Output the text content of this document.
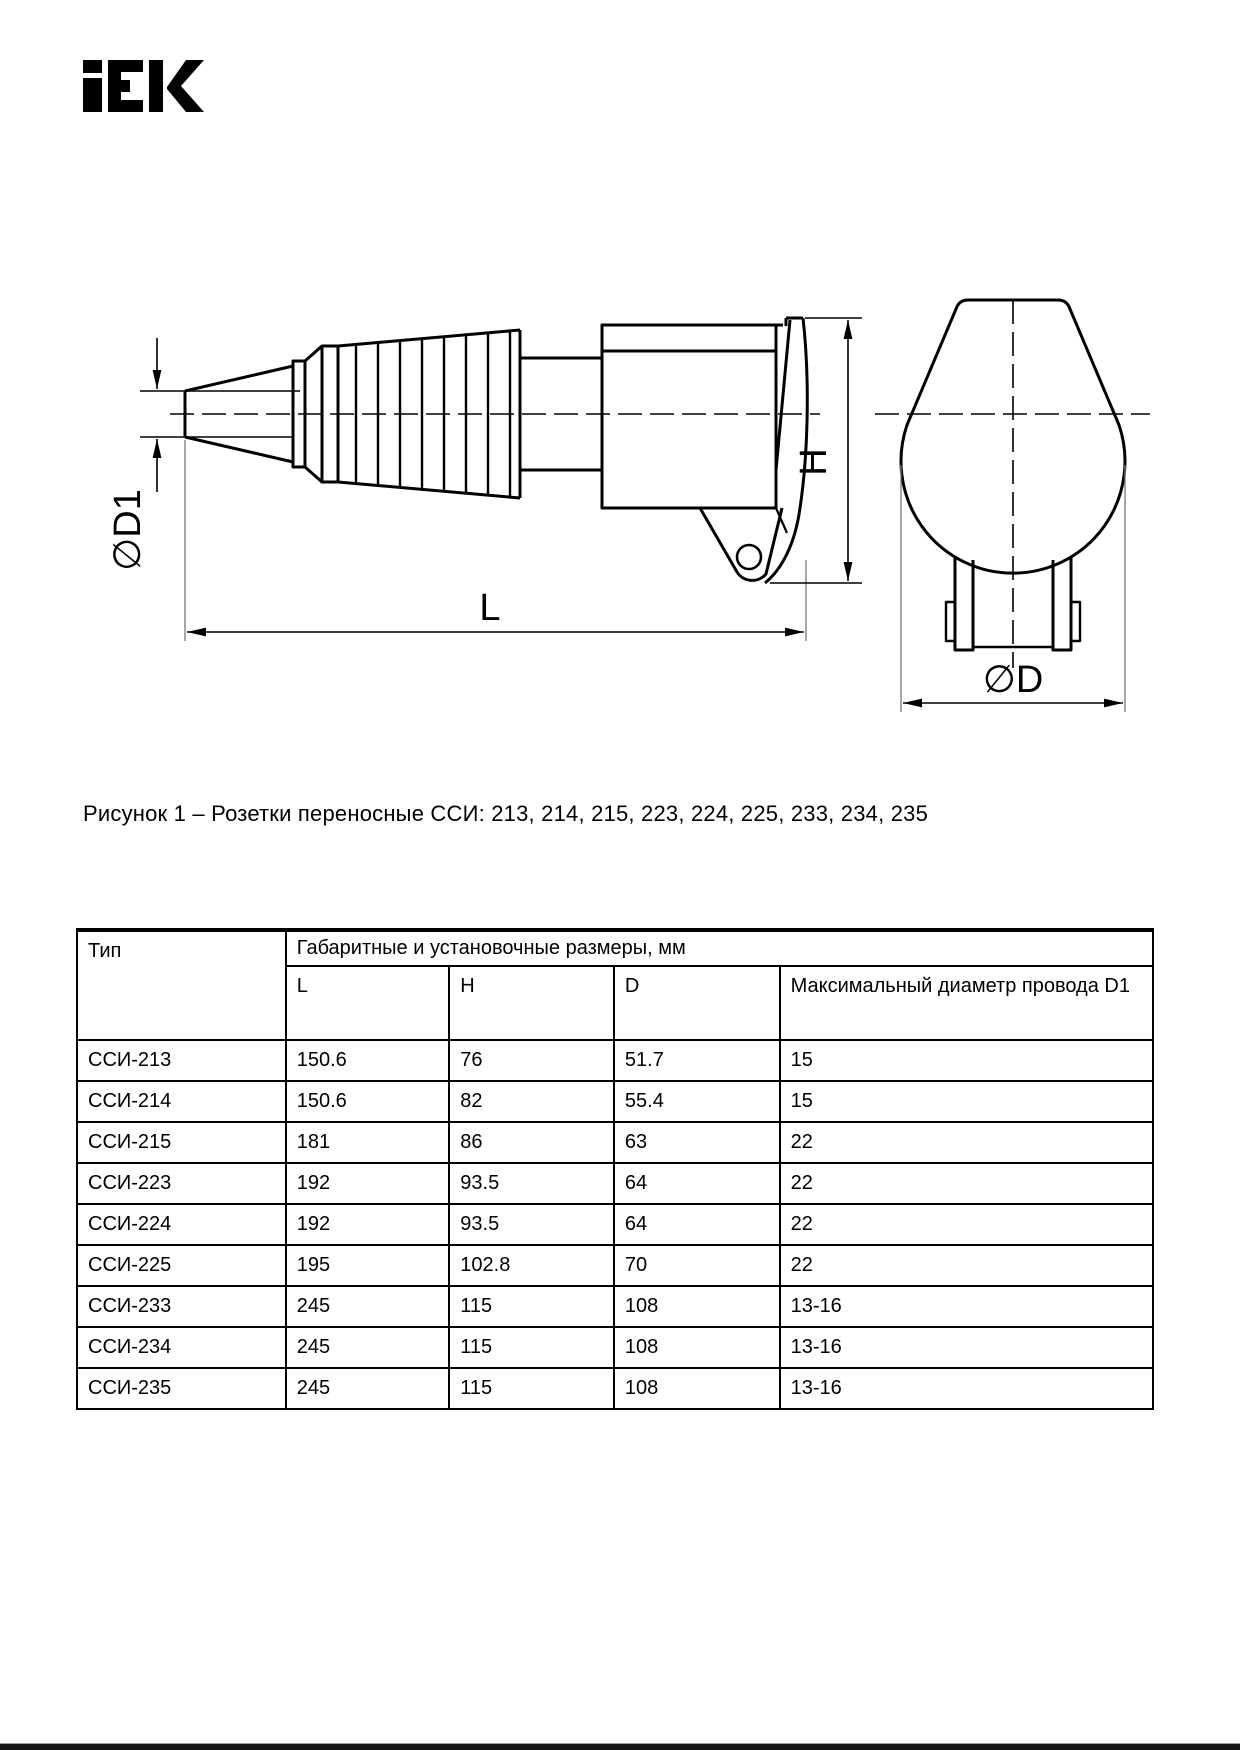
∅D1
H
L
∅D
Рисунок 1 – Розетки переносные ССИ: 213, 214, 215, 223, 224, 225, 233, 234, 235
Тип	Габаритные и установочные размеры, мм			
	L	H	D	Максимальный диаметр провода D1
ССИ-213	150.6	76	51.7	15
ССИ-214	150.6	82	55.4	15
ССИ-215	181	86	63	22
ССИ-223	192	93.5	64	22
ССИ-224	192	93.5	64	22
ССИ-225	195	102.8	70	22
ССИ-233	245	115	108	13-16
ССИ-234	245	115	108	13-16
ССИ-235	245	115	108	13-16
